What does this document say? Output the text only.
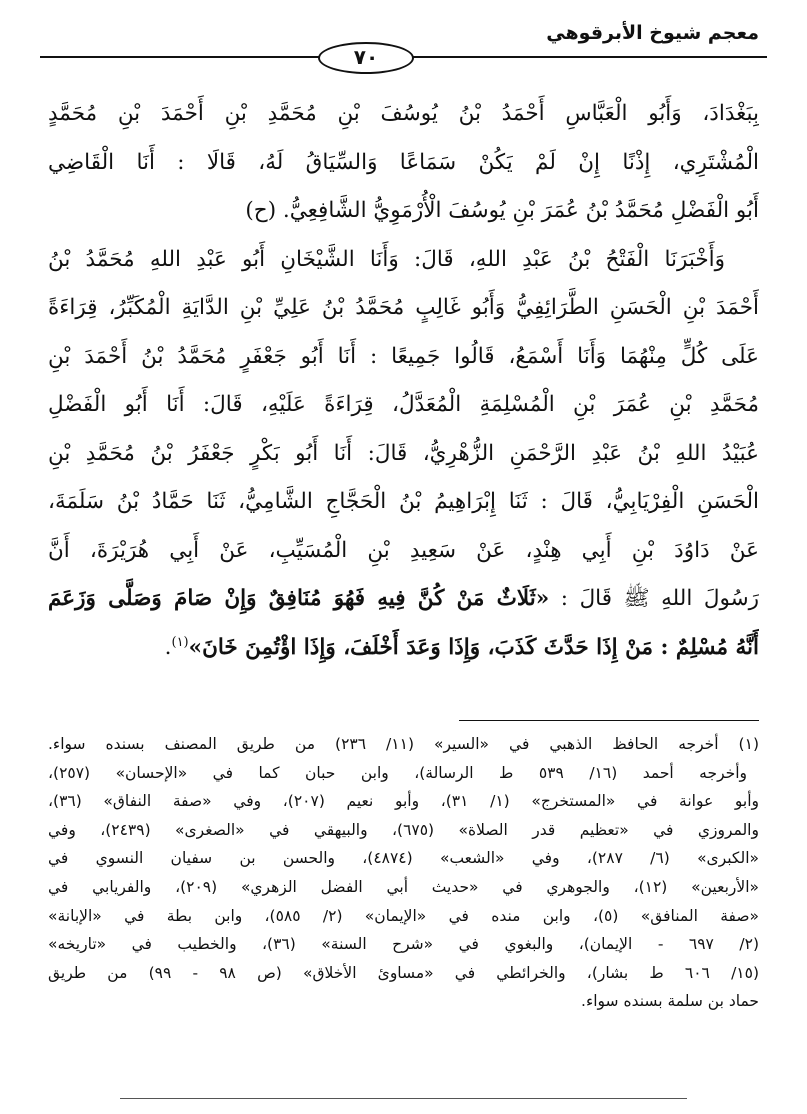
معجم شيوخ الأبرقوهي
٧٠
بِبَغْدَادَ، وَأَبُو الْعَبَّاسِ أَحْمَدُ بْنُ يُوسُفَ بْنِ مُحَمَّدِ بْنِ أَحْمَدَ بْنِ مُحَمَّدٍ
الْمُشْتَرِي، إِذْنًا إِنْ لَمْ يَكُنْ سَمَاعًا وَالسِّيَاقُ لَهُ، قَالَا : أَنَا الْقَاضِي
أَبُو الْفَضْلِ مُحَمَّدُ بْنُ عُمَرَ بْنِ يُوسُفَ الْأُرْمَوِيُّ الشَّافِعِيُّ. (ح)
وَأَخْبَرَنَا الْفَتْحُ بْنُ عَبْدِ اللهِ، قَالَ: وَأَنَا الشَّيْخَانِ أَبُو عَبْدِ اللهِ مُحَمَّدُ بْنُ
أَحْمَدَ بْنِ الْحَسَنِ الطَّرَائِفِيُّ وَأَبُو غَالِبٍ مُحَمَّدُ بْنُ عَلِيِّ بْنِ الدَّايَةِ الْمُكَبِّرُ، قِرَاءَةً
عَلَى كُلٍّ مِنْهُمَا وَأَنَا أَسْمَعُ، قَالُوا جَمِيعًا : أَنَا أَبُو جَعْفَرٍ مُحَمَّدُ بْنُ أَحْمَدَ بْنِ
مُحَمَّدِ بْنِ عُمَرَ بْنِ الْمُسْلِمَةِ الْمُعَدَّلُ، قِرَاءَةً عَلَيْهِ، قَالَ: أَنَا أَبُو الْفَضْلِ
عُبَيْدُ اللهِ بْنُ عَبْدِ الرَّحْمَنِ الزُّهْرِيُّ، قَالَ: أَنَا أَبُو بَكْرٍ جَعْفَرُ بْنُ مُحَمَّدِ بْنِ
الْحَسَنِ الْفِرْيَابِيُّ، قَالَ : ثَنَا إِبْرَاهِيمُ بْنُ الْحَجَّاجِ الشَّامِيُّ، ثَنَا حَمَّادُ بْنُ سَلَمَةَ،
عَنْ دَاوُدَ بْنِ أَبِي هِنْدٍ، عَنْ سَعِيدِ بْنِ الْمُسَيِّبِ، عَنْ أَبِي هُرَيْرَةَ، أَنَّ
رَسُولَ اللهِ ﷺ قَالَ : «ثَلَاثٌ مَنْ كُنَّ فِيهِ فَهُوَ مُنَافِقٌ وَإِنْ صَامَ وَصَلَّى وَزَعَمَ
أَنَّهُ مُسْلِمٌ : مَنْ إِذَا حَدَّثَ كَذَبَ، وَإِذَا وَعَدَ أَخْلَفَ، وَإِذَا اؤْتُمِنَ خَانَ»$^{(١)}$.
(١) أخرجه الحافظ الذهبي في «السير» (١١/ ٢٣٦) من طريق المصنف بسنده سواء.
وأخرجه أحمد (١٦/ ٥٣٩ ط الرسالة)، وابن حبان كما في «الإحسان» (٢٥٧)،
وأبو عوانة في «المستخرج» (١/ ٣١)، وأبو نعيم (٢٠٧)، وفي «صفة النفاق» (٣٦)،
والمروزي في «تعظيم قدر الصلاة» (٦٧٥)، والبيهقي في «الصغرى» (٢٤٣٩)، وفي
«الكبرى» (٦/ ٢٨٧)، وفي «الشعب» (٤٨٧٤)، والحسن بن سفيان النسوي في
«الأربعين» (١٢)، والجوهري في «حديث أبي الفضل الزهري» (٢٠٩)، والفريابي في
«صفة المنافق» (٥)، وابن منده في «الإيمان» (٢/ ٥٨٥)، وابن بطة في «الإبانة»
(٢/ ٦٩٧ - الإيمان)، والبغوي في «شرح السنة» (٣٦)، والخطيب في «تاريخه»
(١٥/ ٦٠٦ ط بشار)، والخرائطي في «مساوئ الأخلاق» (ص ٩٨ - ٩٩) من طريق
حماد بن سلمة بسنده سواء.
